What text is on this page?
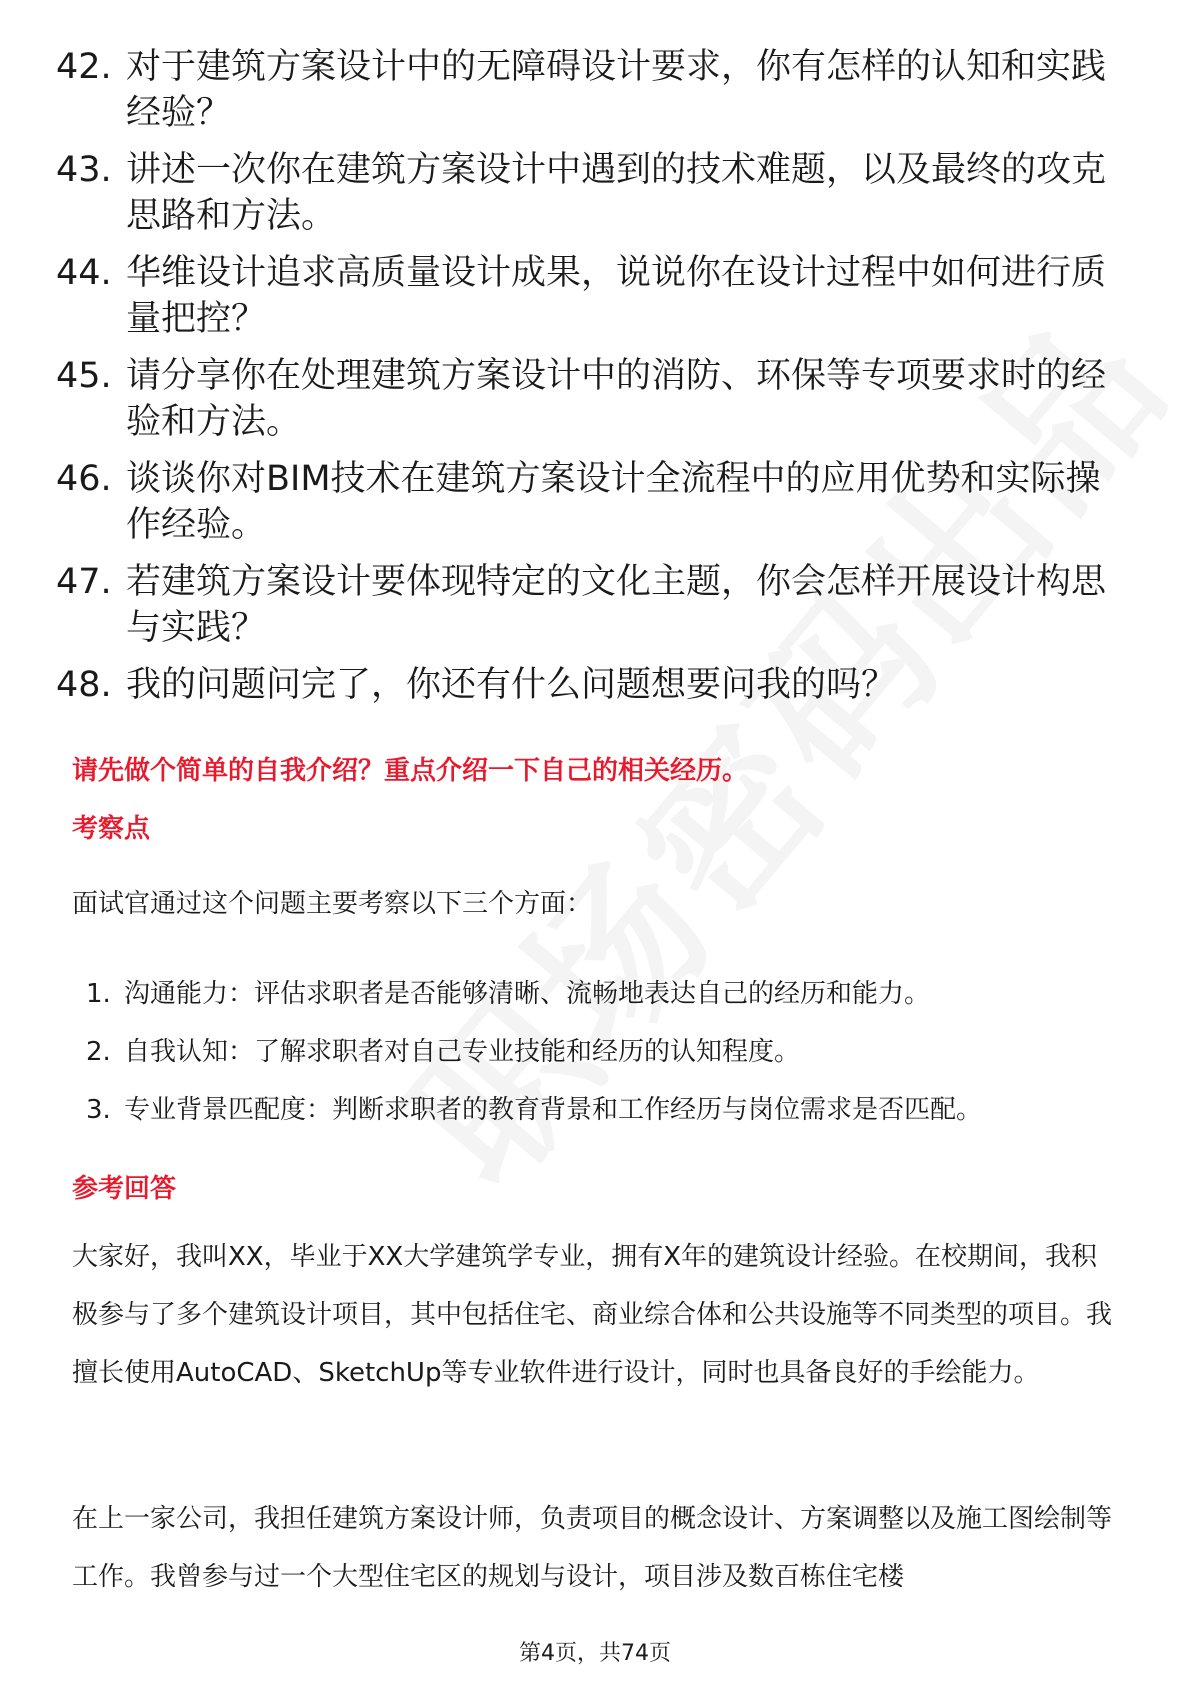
42. 对于建筑方案设计中的无障碍设计要求，你有怎样的认知和实践经验？
43. 讲述一次你在建筑方案设计中遇到的技术难题，以及最终的攻克思路和方法。
44. 华维设计追求高质量设计成果，说说你在设计过程中如何进行质量把控？
45. 请分享你在处理建筑方案设计中的消防、环保等专项要求时的经验和方法。
46. 谈谈你对BIM技术在建筑方案设计全流程中的应用优势和实际操作经验。
47. 若建筑方案设计要体现特定的文化主题，你会怎样开展设计构思与实践？
48. 我的问题问完了，你还有什么问题想要问我的吗？
请先做个简单的自我介绍？重点介绍一下自己的相关经历。
考察点
面试官通过这个问题主要考察以下三个方面：
1. 沟通能力：评估求职者是否能够清晰、流畅地表达自己的经历和能力。
2. 自我认知：了解求职者对自己专业技能和经历的认知程度。
3. 专业背景匹配度：判断求职者的教育背景和工作经历与岗位需求是否匹配。
参考回答
大家好，我叫XX，毕业于XX大学建筑学专业，拥有X年的建筑设计经验。在校期间，我积极参与了多个建筑设计项目，其中包括住宅、商业综合体和公共设施等不同类型的项目。我擅长使用AutoCAD、SketchUp等专业软件进行设计，同时也具备良好的手绘能力。
在上一家公司，我担任建筑方案设计师，负责项目的概念设计、方案调整以及施工图绘制等工作。我曾参与过一个大型住宅区的规划与设计，项目涉及数百栋住宅楼
第4页，共74页
